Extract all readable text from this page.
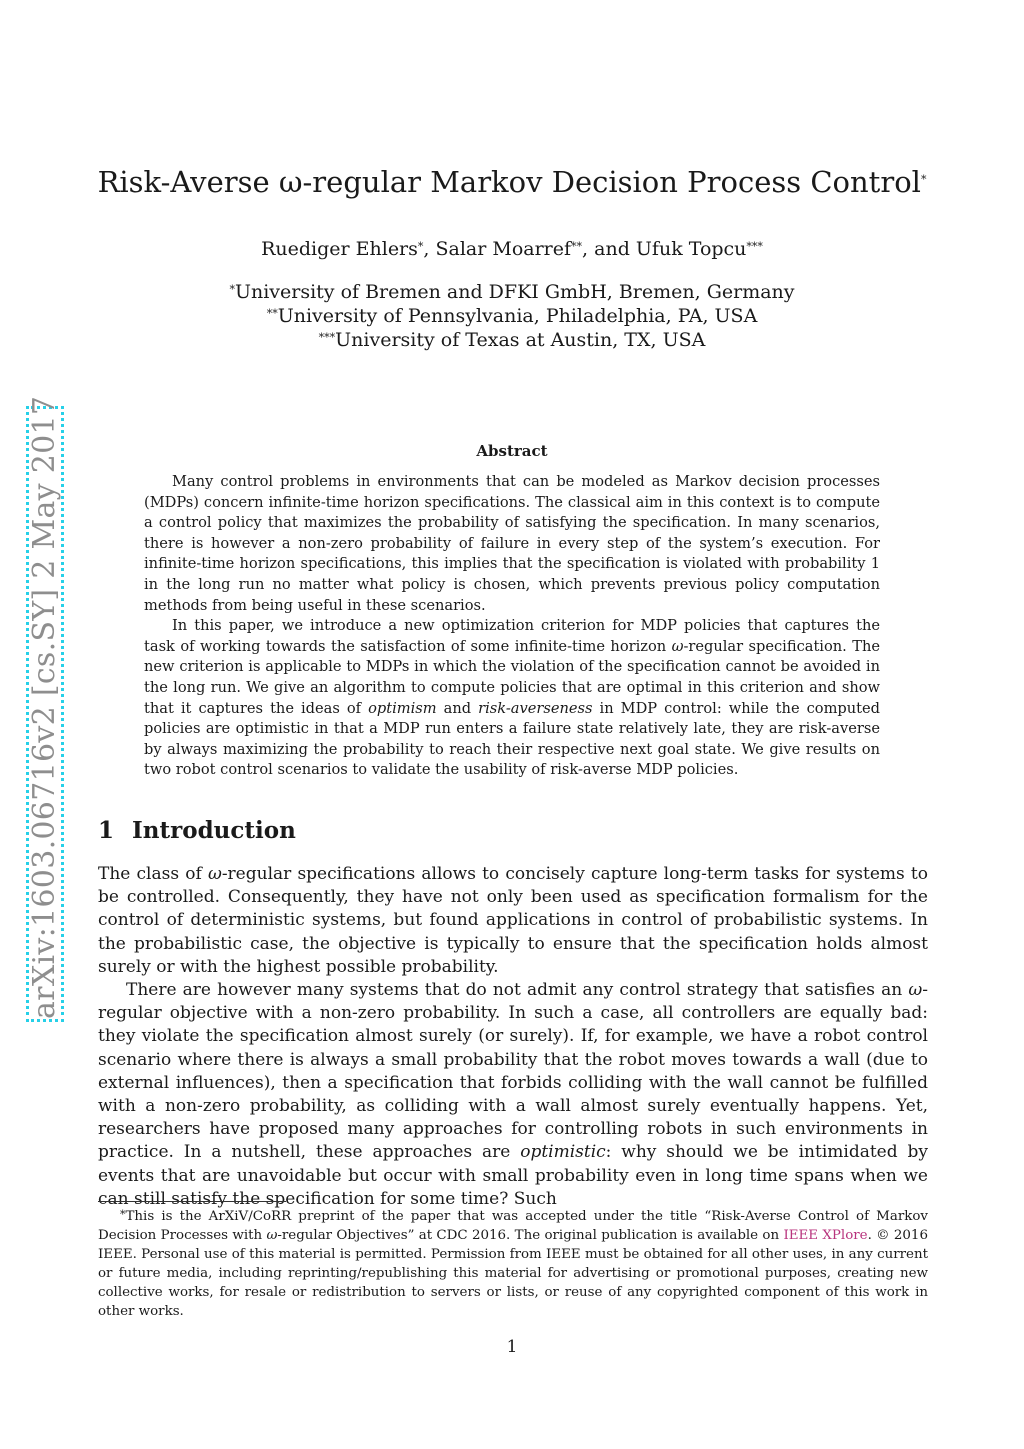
arXiv:1603.06716v2 [cs.SY] 2 May 2017
Risk-Averse ω-regular Markov Decision Process Control*
Ruediger Ehlers*, Salar Moarref**, and Ufuk Topcu***
*University of Bremen and DFKI GmbH, Bremen, Germany
**University of Pennsylvania, Philadelphia, PA, USA
***University of Texas at Austin, TX, USA
Abstract

Many control problems in environments that can be modeled as Markov decision processes (MDPs) concern infinite-time horizon specifications. The classical aim in this context is to compute a control policy that maximizes the probability of satisfying the specification. In many scenarios, there is however a non-zero probability of failure in every step of the system’s execution. For infinite-time horizon specifications, this implies that the specification is violated with probability 1 in the long run no matter what policy is chosen, which prevents previous policy computation methods from being useful in these scenarios.

In this paper, we introduce a new optimization criterion for MDP policies that captures the task of working towards the satisfaction of some infinite-time horizon ω-regular specification. The new criterion is applicable to MDPs in which the violation of the specification cannot be avoided in the long run. We give an algorithm to compute policies that are optimal in this criterion and show that it captures the ideas of optimism and risk-averseness in MDP control: while the computed policies are optimistic in that a MDP run enters a failure state relatively late, they are risk-averse by always maximizing the probability to reach their respective next goal state. We give results on two robot control scenarios to validate the usability of risk-averse MDP policies.

1 Introduction

The class of ω-regular specifications allows to concisely capture long-term tasks for systems to be controlled. Consequently, they have not only been used as specification formalism for the control of deterministic systems, but found applications in control of probabilistic systems. In the probabilistic case, the objective is typically to ensure that the specification holds almost surely or with the highest possible probability.

There are however many systems that do not admit any control strategy that satisfies an ω-regular objective with a non-zero probability. In such a case, all controllers are equally bad: they violate the specification almost surely (or surely). If, for example, we have a robot control scenario where there is always a small probability that the robot moves towards a wall (due to external influences), then a specification that forbids colliding with the wall cannot be fulfilled with a non-zero probability, as colliding with a wall almost surely eventually happens. Yet, researchers have proposed many approaches for controlling robots in such environments in practice. In a nutshell, these approaches are optimistic: why should we be intimidated by events that are unavoidable but occur with small probability even in long time spans when we can still satisfy the specification for some time? Such

*This is the ArXiV/CoRR preprint of the paper that was accepted under the title “Risk-Averse Control of Markov Decision Processes with ω-regular Objectives” at CDC 2016. The original publication is available on IEEE XPlore. © 2016 IEEE. Personal use of this material is permitted. Permission from IEEE must be obtained for all other uses, in any current or future media, including reprinting/republishing this material for advertising or promotional purposes, creating new collective works, for resale or redistribution to servers or lists, or reuse of any copyrighted component of this work in other works.
1
